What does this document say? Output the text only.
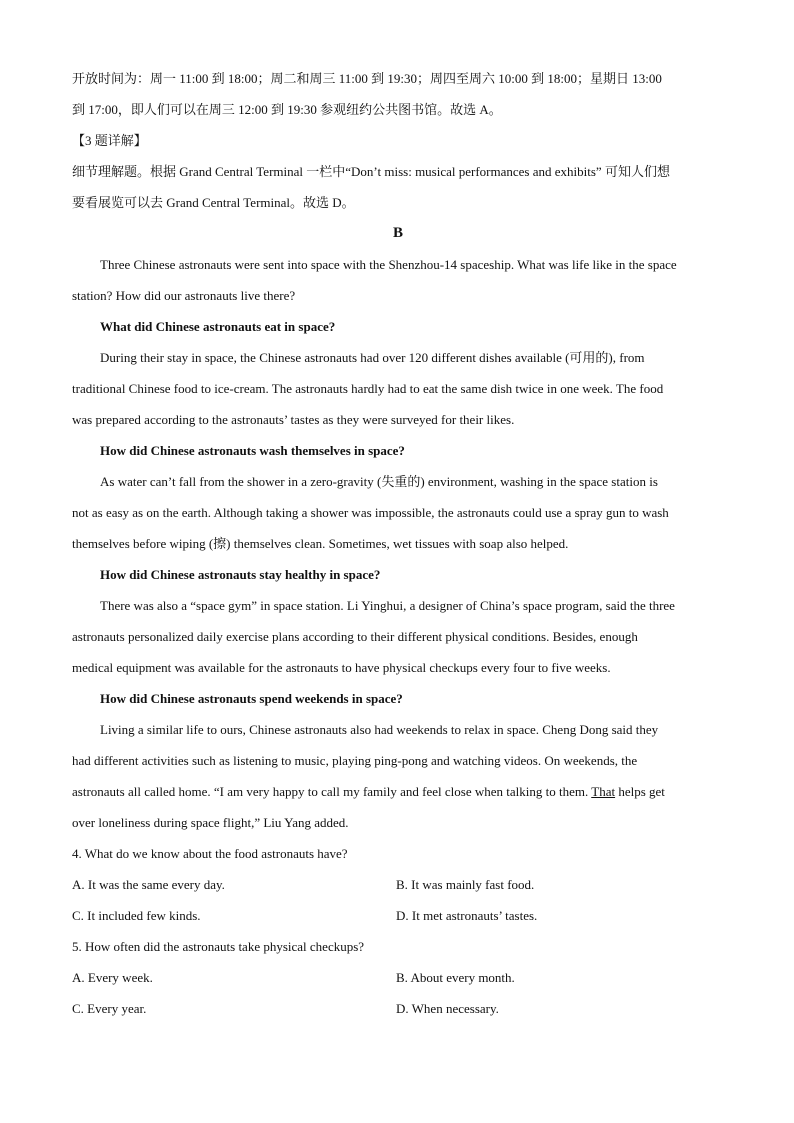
开放时间为：周一 11:00 到 18:00；周二和周三 11:00 到 19:30；周四至周六 10:00 到 18:00；星期日 13:00

到 17:00，即人们可以在周三 12:00 到 19:30 参观纽约公共图书馆。故选 A。

【3 题详解】

细节理解题。根据 Grand Central Terminal 一栏中“Don’t miss: musical performances and exhibits” 可知人们想

要看展览可以去 Grand Central Terminal。故选 D。

B

Three Chinese astronauts were sent into space with the Shenzhou-14 spaceship. What was life like in the space

station? How did our astronauts live there?

What did Chinese astronauts eat in space?

During their stay in space, the Chinese astronauts had over 120 different dishes available (可用的), from

traditional Chinese food to ice-cream. The astronauts hardly had to eat the same dish twice in one week. The food

was prepared according to the astronauts’ tastes as they were surveyed for their likes.

How did Chinese astronauts wash themselves in space?

As water can’t fall from the shower in a zero-gravity (失重的) environment, washing in the space station is

not as easy as on the earth. Although taking a shower was impossible, the astronauts could use a spray gun to wash

themselves before wiping (擦) themselves clean. Sometimes, wet tissues with soap also helped.

How did Chinese astronauts stay healthy in space?

There was also a “space gym” in space station. Li Yinghui, a designer of China’s space program, said the three

astronauts personalized daily exercise plans according to their different physical conditions. Besides, enough

medical equipment was available for the astronauts to have physical checkups every four to five weeks.

How did Chinese astronauts spend weekends in space?

Living a similar life to ours, Chinese astronauts also had weekends to relax in space. Cheng Dong said they

had different activities such as listening to music, playing ping-pong and watching videos. On weekends, the

astronauts all called home. “I am very happy to call my family and feel close when talking to them. That helps get

over loneliness during space flight,” Liu Yang added.

4. What do we know about the food astronauts have?

A. It was the same every day.	B. It was mainly fast food.
C. It included few kinds.	D. It met astronauts’ tastes.

5. How often did the astronauts take physical checkups?

A. Every week.	B. About every month.
C. Every year.	D. When necessary.
